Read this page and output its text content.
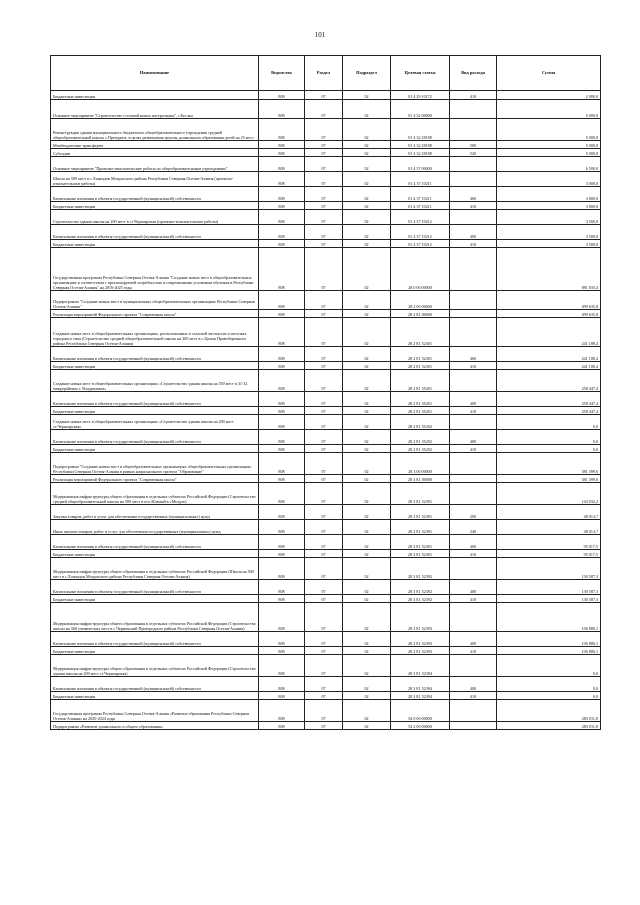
101
Наименование	Ведомство	Раздел	Подраздел	Целевая статья	Вид расхода	Сумма
Бюджетные инвестиции	808	07	02	01 4 29 10172	410	2 000,0
Основное мероприятие "Строительство столовой новых натуральных", г.Беслан	808	07	02	01 4 32 00000		5 000,0
Реконструкция здания муниципального бюджетного общеобразовательного учреждения средней общеобразовательной школы с.Прегорное, в целях размещения группы дошкольного образования детей на 25 мест	808	07	02	01 4 32 28188		5 000,0
Межбюджетные трансферты	808	07	02	01 4 32 28188	500	5 000,0
Субсидии	808	07	02	01 4 32 28188	520	5 000,0
Основное мероприятие "Проектно-изыскательские работы по общеобразовательным учреждениям"	808	07	02	01 4 37 00000		6 500,0
Школа на 500 мест в с.Хазнидон Моздокского района Республики Северная Осетия-Алания (проектно-изыскательские работы)	808	07	02	01 4 37 10211		3 000,0
Капитальные вложения в объекты государственной (муниципальной) собственности	808	07	02	01 4 37 10211	400	3 000,0
Бюджетные инвестиции	808	07	02	01 4 37 10211	410	3 000,0
Строительство здания школы на 200 мест в ст.Черноярская (проектно-изыскательские работы)	808	07	02	01 4 37 10212		3 500,0
Капитальные вложения в объекты государственной (муниципальной) собственности	808	07	02	01 4 37 10212	400	3 500,0
Бюджетные инвестиции	808	07	02	01 4 37 10212	410	3 500,0
Государственная программа Республики Северная Осетия-Алания "Создание новых мест в общеобразовательных организациях в соответствии с прогнозируемой потребностью и современными условиями обучения в Республике Северная Осетия-Алания" на 2016-2025 годы	808	07	02	28 0 00 00000		881 035,4
Подпрограмма "Создание новых мест в муниципальных общеобразовательных организациях Республики Северная Осетия-Алания"	808	07	02	28 2 00 00000		499 635,8
Реализация мероприятий Федерального проекта "Современная школа"	808	07	02	28 2 E1 00000		499 635,8
Создание новых мест в общеобразовательных организациях, расположенных в сельской местности и поселках городского типа (Строительство средней общеобразовательной школы на 200 мест в с.Цалык Правобережного района Республики Северная Осетия-Алания)	808	07	02	28 2 E1 52301		241 188,4
Капитальные вложения в объекты государственной (муниципальной) собственности	808	07	02	28 2 E1 52301	400	241 188,4
Бюджетные инвестиции	808	07	02	28 2 E1 52301	410	241 188,4
Создание новых мест в общеобразовательных организациях «Строительство здания школы на 550 мест в 31-32 микрорайонах г. Владикавказ»	808	07	02	28 2 E1 55201		258 447,4
Капитальные вложения в объекты государственной (муниципальной) собственности	808	07	02	28 2 E1 55201	400	258 447,4
Бюджетные инвестиции	808	07	02	28 2 E1 55201	410	258 447,4
Создание новых мест в общеобразовательных организациях «Строительство здания школы на 200 мест ст.Черноярская»	808	07	02	28 2 E1 55202		0,0
Капитальные вложения в объекты государственной (муниципальной) собственности	808	07	02	28 2 E1 55202	400	0,0
Бюджетные инвестиции	808	07	02	28 2 E1 55202	410	0,0
Подпрограмма "Создание новых мест в общеобразовательных организациях общеобразовательных организациях Республики Северная Осетия-Алания в рамках национального проекта "Образование"	808	07	02	28 3 00 00000		381 399,6
Реализация мероприятий Федерального проекта "Современная школа"	808	07	02	28 3 E1 00000		381 399,6
Модернизация инфраструктуры общего образования в отдельных субъектах Российской Федерации (Строительство средней общеобразовательной школы на 500 мест в пос.Южный в г.Моздок)	808	07	02	28 3 E1 52391		143 032,2
Закупка товаров, работ и услуг для обеспечения государственных (муниципальных) нужд	808	07	02	28 3 E1 52391	200	48 014,7
Иные закупки товаров, работ и услуг для обеспечения государственных (муниципальных) нужд	808	07	02	28 3 E1 52391	240	48 014,7
Капитальные вложения в объекты государственной (муниципальной) собственности	808	07	02	28 3 E1 52391	400	95 017,5
Бюджетные инвестиции	808	07	02	28 3 E1 52391	410	95 017,5
Модернизация инфраструктуры общего образования в отдельных субъектах Российской Федерации (Школа на 500 мест в с.Хазнидон Моздокского района Республики Северная Осетия-Алания)	808	07	02	28 3 E1 52392		130 587,3
Капитальные вложения в объекты государственной (муниципальной) собственности	808	07	02	28 3 E1 52392	400	130 587,3
Бюджетные инвестиции	808	07	02	28 3 E1 52392	410	130 587,3
Модернизация инфраструктуры общего образования в отдельных субъектах Российской Федерации (Строительство школы на 360 ученических мест в с.Черменский Пригородного района Республики Северная Осетия-Алания)	808	07	02	28 3 E1 52393		106 880,1
Капитальные вложения в объекты государственной (муниципальной) собственности	808	07	02	28 3 E1 52393	400	106 880,1
Бюджетные инвестиции	808	07	02	28 3 E1 52393	410	106 880,1
Модернизация инфраструктуры общего образования в отдельных субъектах Российской Федерации (Строительство здания школы на 200 мест ст.Черноярская)	808	07	02	28 3 E1 52394		0,0
Капитальные вложения в объекты государственной (муниципальной) собственности	808	07	02	28 3 E1 52394	400	0,0
Бюджетные инвестиции	808	07	02	28 3 E1 52394	410	0,0
Государственная программа Республики Северная Осетия-Алания «Развитие образования Республики Северная Осетия-Алания» на 2020-2024 годы	808	07	02	54 0 00 00000		283 011,8
Подпрограмма «Развитие дошкольного и общего образования»	808	07	02	54 2 00 00000		283 011,8
